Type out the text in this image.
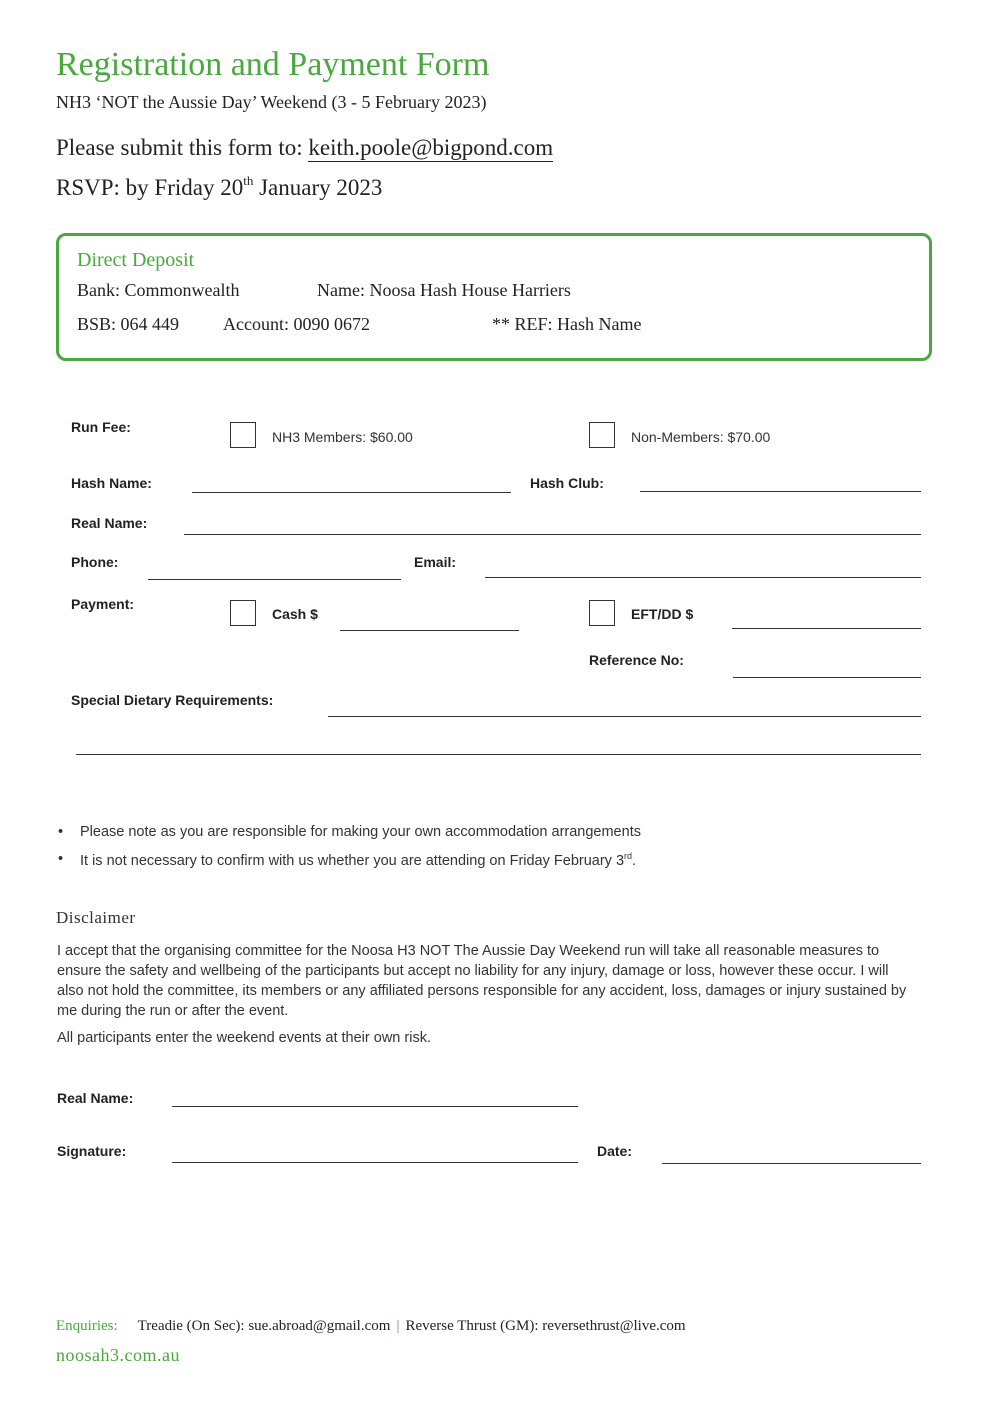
Registration and Payment Form
NH3 ‘NOT the Aussie Day’ Weekend (3 - 5 February 2023)
Please submit this form to: keith.poole@bigpond.com
RSVP: by Friday 20th January 2023
Direct Deposit
Bank: Commonwealth	Name: Noosa Hash House Harriers
BSB: 064 449 Account: 0090 0672	** REF: Hash Name
Run Fee:
NH3 Members: $60.00	Non-Members: $70.00
Hash Name:	Hash Club:
Real Name:
Phone:	Email:
Payment:
Cash $	EFT/DD $
Reference No:
Special Dietary Requirements:
• Please note as you are responsible for making your own accommodation arrangements
• It is not necessary to confirm with us whether you are attending on Friday February 3rd.
Disclaimer
I accept that the organising committee for the Noosa H3 NOT The Aussie Day Weekend run will take all reasonable measures to ensure the safety and wellbeing of the participants but accept no liability for any injury, damage or loss, however these occur. I will also not hold the committee, its members or any affiliated persons responsible for any accident, loss, damages or injury sustained by me during the run or after the event.
All participants enter the weekend events at their own risk.
Real Name:
Signature:	Date:
Enquiries: Treadie (On Sec): sue.abroad@gmail.com | Reverse Thrust (GM): reversethrust@live.com
noosah3.com.au
